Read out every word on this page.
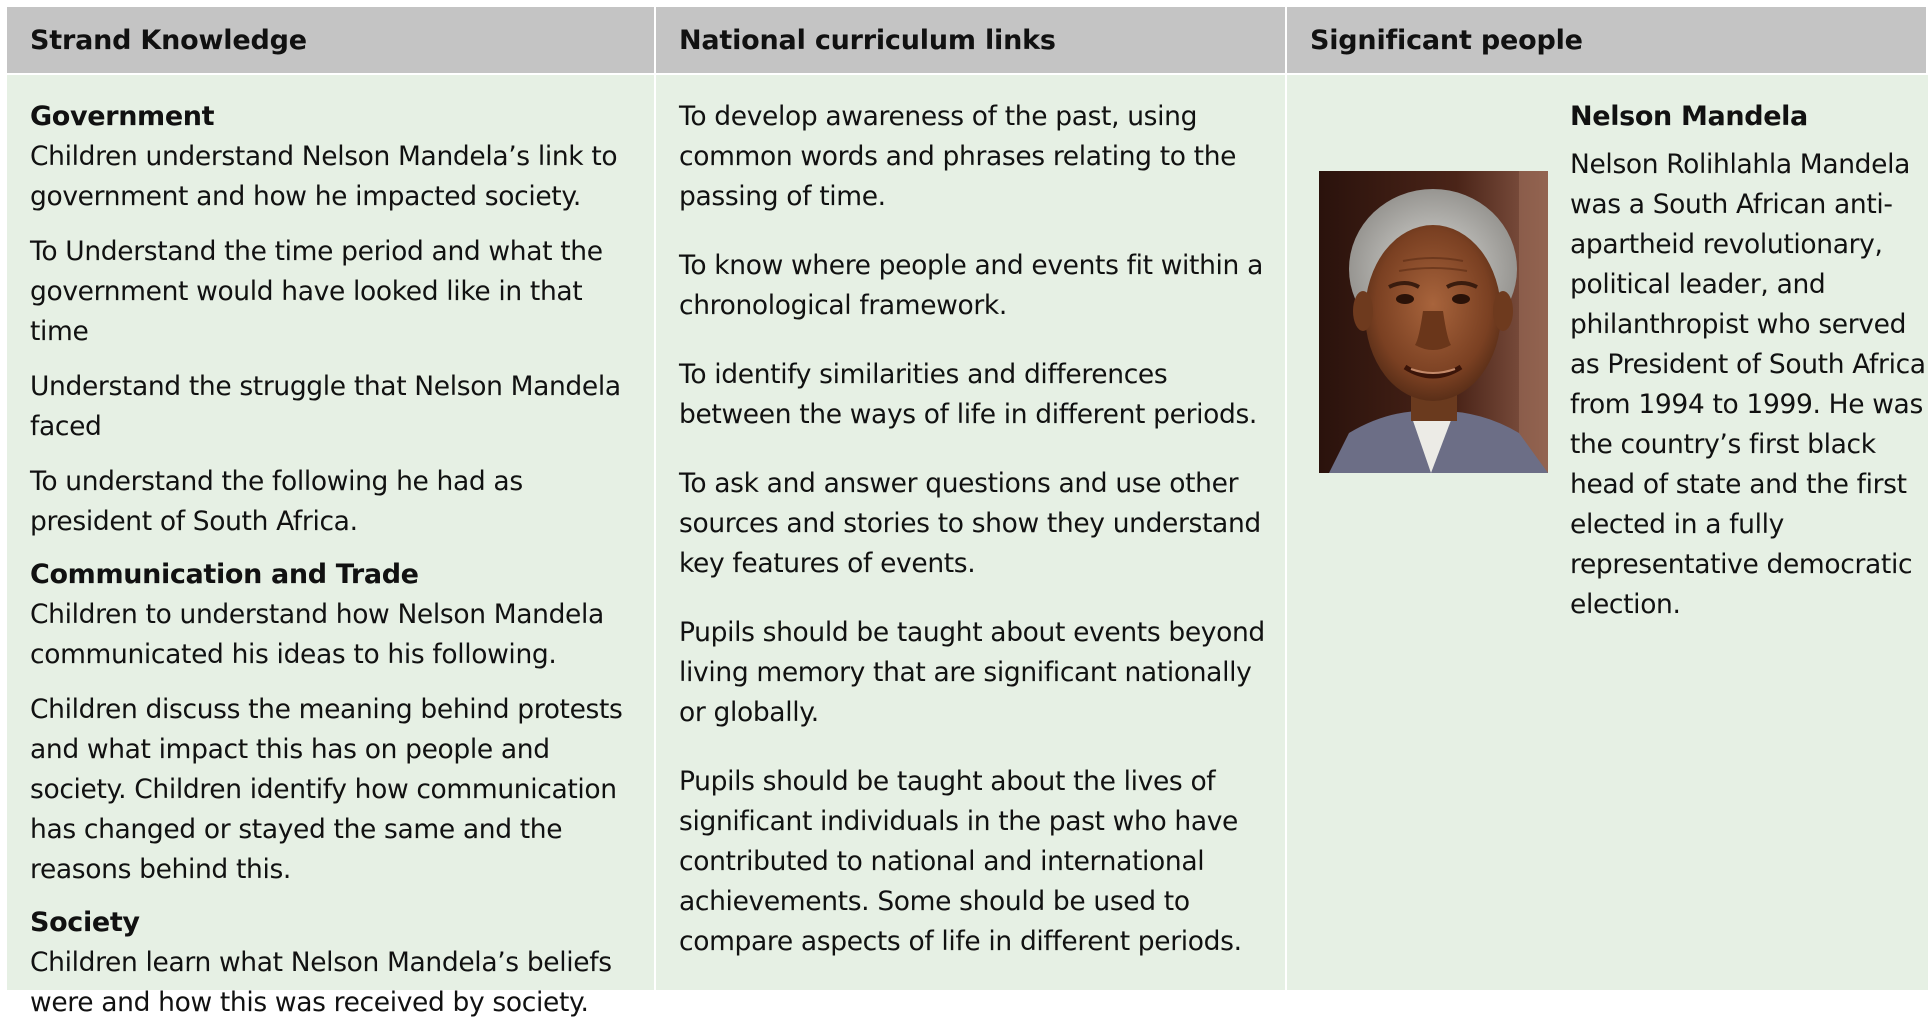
Strand Knowledge	National curriculum links	Significant people

Government

Children understand Nelson Mandela’s link to government and how he impacted society.

To Understand the time period and what the government would have looked like in that time

Understand the struggle that Nelson Mandela faced

To understand the following he had as president of South Africa.

Communication and Trade

Children to understand how Nelson Mandela communicated his ideas to his following.

Children discuss the meaning behind protests and what impact this has on people and society. Children identify how communication has changed or stayed the same and the reasons behind this.

Society

Children learn what Nelson Mandela’s beliefs were and how this was received by society.

To develop awareness of the past, using common words and phrases relating to the passing of time.

To know where people and events fit within a chronological framework.

To identify similarities and differences between the ways of life in different periods.

To ask and answer questions and use other sources and stories to show they understand key features of events.

Pupils should be taught about events beyond living memory that are significant nationally or globally.

Pupils should be taught about the lives of significant individuals in the past who have contributed to national and international achievements. Some should be used to compare aspects of life in different periods.

Nelson Mandela

Nelson Rolihlahla Mandela was a South African anti-apartheid revolutionary, political leader, and philanthropist who served as President of South Africa from 1994 to 1999. He was the country’s first black head of state and the first elected in a fully representative democratic election.
